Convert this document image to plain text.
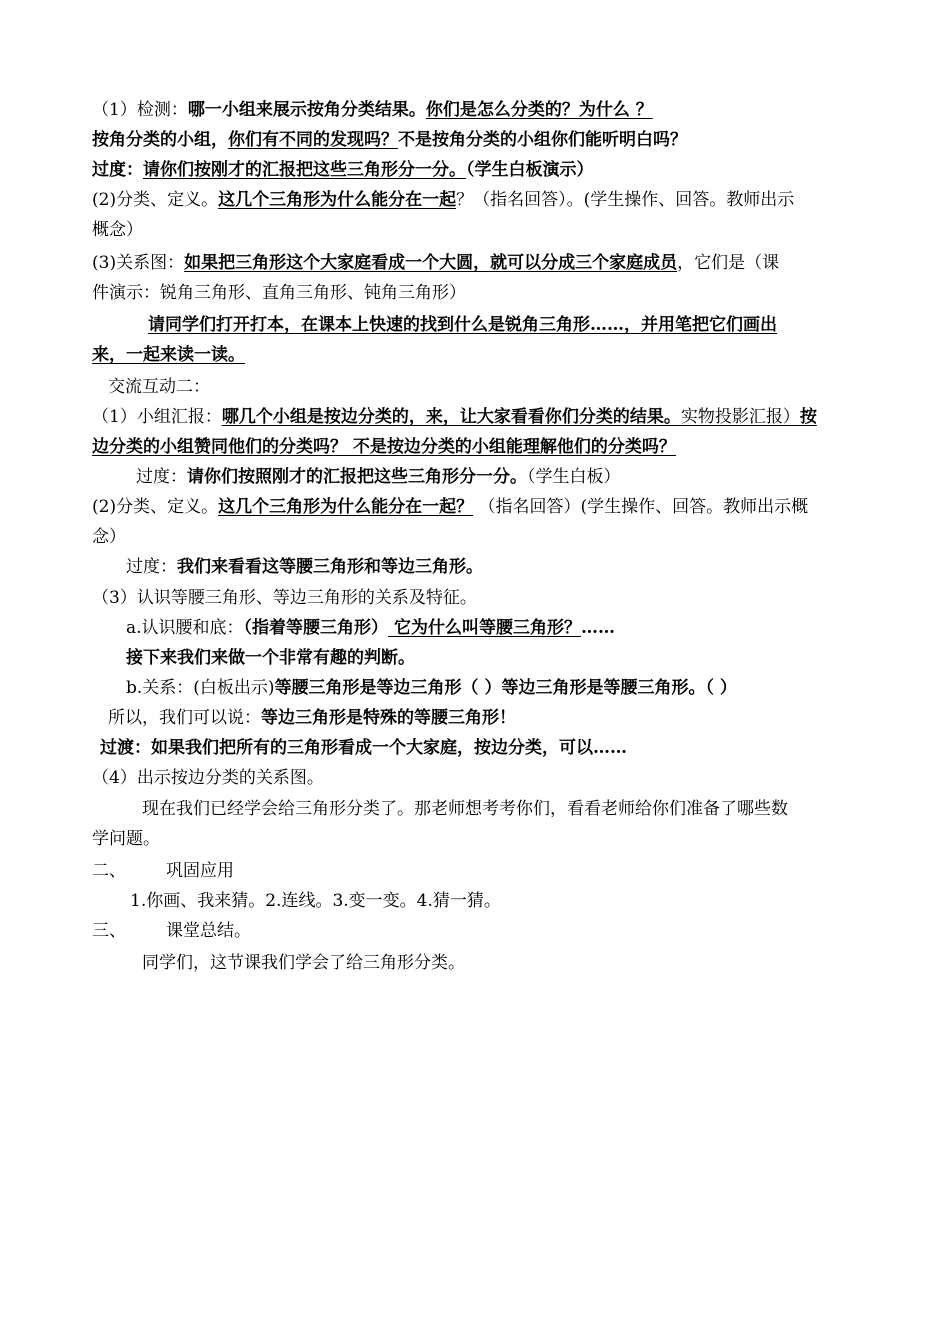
（1）检测：哪一小组来展示按角分类结果。你们是怎么分类的？为什么 ？
按角分类的小组，你们有不同的发现吗？不是按角分类的小组你们能听明白吗？
过度：请你们按刚才的汇报把这些三角形分一分。（学生白板演示）
(2)分类、定义。这几个三角形为什么能分在一起？（指名回答）。(学生操作、回答。教师出示
概念）
(3)关系图：如果把三角形这个大家庭看成一个大圆，就可以分成三个家庭成员，它们是（课
件演示：锐角三角形、直角三角形、钝角三角形）
请同学们打开打本，在课本上快速的找到什么是锐角三角形……，并用笔把它们画出
来，一起来读一读。
交流互动二：
（1）小组汇报：哪几个小组是按边分类的，来，让大家看看你们分类的结果。实物投影汇报）按
边分类的小组赞同他们的分类吗？ 不是按边分类的小组能理解他们的分类吗？
过度：请你们按照刚才的汇报把这些三角形分一分。（学生白板）
(2)分类、定义。这几个三角形为什么能分在一起？ （指名回答）(学生操作、回答。教师出示概
念）
过度：我们来看看这等腰三角形和等边三角形。
（3）认识等腰三角形、等边三角形的关系及特征。
a.认识腰和底：（指着等腰三角形） 它为什么叫等腰三角形？……
接下来我们来做一个非常有趣的判断。
b.关系：(白板出示)等腰三角形是等边三角形（ ）等边三角形是等腰三角形。（ ）
所以，我们可以说：等边三角形是特殊的等腰三角形！
过渡：如果我们把所有的三角形看成一个大家庭，按边分类，可以……
（4）出示按边分类的关系图。
现在我们已经学会给三角形分类了。那老师想考考你们，看看老师给你们准备了哪些数
学问题。
二、 巩固应用
1.你画、我来猜。2.连线。3.变一变。4.猜一猜。
三、 课堂总结。
同学们，这节课我们学会了给三角形分类。
